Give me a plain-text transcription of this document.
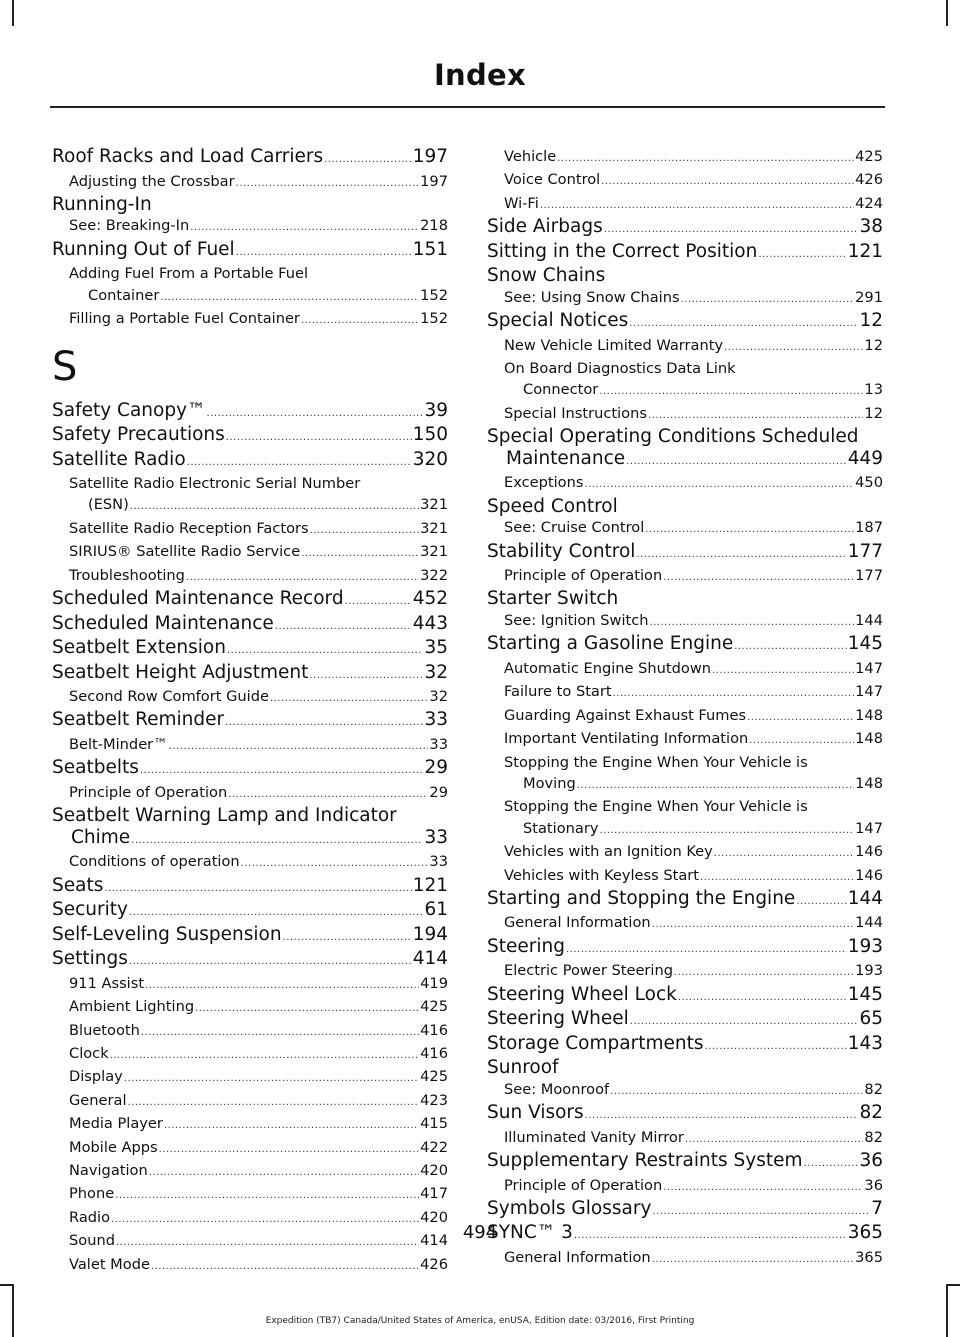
Index
Roof Racks and Load Carriers .....	197
Adjusting the Crossbar .....	197
Running-In
See: Breaking-In .....	218
Running Out of Fuel .....	151
Adding Fuel From a Portable Fuel
Container .....	152
Filling a Portable Fuel Container .....	152
S
Safety Canopy™ .....	39
Safety Precautions .....	150
Satellite Radio .....	320
Satellite Radio Electronic Serial Number
(ESN) .....	321
Satellite Radio Reception Factors .....	321
SIRIUS® Satellite Radio Service .....	321
Troubleshooting .....	322
Scheduled Maintenance Record .....	452
Scheduled Maintenance .....	443
Seatbelt Extension .....	35
Seatbelt Height Adjustment .....	32
Second Row Comfort Guide .....	32
Seatbelt Reminder .....	33
Belt-Minder™ .....	33
Seatbelts .....	29
Principle of Operation .....	29
Seatbelt Warning Lamp and Indicator
Chime .....	33
Conditions of operation .....	33
Seats .....	121
Security .....	61
Self-Leveling Suspension .....	194
Settings .....	414
911 Assist .....	419
Ambient Lighting .....	425
Bluetooth .....	416
Clock .....	416
Display .....	425
General .....	423
Media Player .....	415
Mobile Apps .....	422
Navigation .....	420
Phone .....	417
Radio .....	420
Sound .....	414
Valet Mode .....	426
Vehicle .....	425
Voice Control .....	426
Wi-Fi .....	424
Side Airbags .....	38
Sitting in the Correct Position .....	121
Snow Chains
See: Using Snow Chains .....	291
Special Notices .....	12
New Vehicle Limited Warranty .....	12
On Board Diagnostics Data Link
Connector .....	13
Special Instructions .....	12
Special Operating Conditions Scheduled
Maintenance .....	449
Exceptions .....	450
Speed Control
See: Cruise Control .....	187
Stability Control .....	177
Principle of Operation .....	177
Starter Switch
See: Ignition Switch .....	144
Starting a Gasoline Engine .....	145
Automatic Engine Shutdown .....	147
Failure to Start .....	147
Guarding Against Exhaust Fumes .....	148
Important Ventilating Information .....	148
Stopping the Engine When Your Vehicle is
Moving .....	148
Stopping the Engine When Your Vehicle is
Stationary .....	147
Vehicles with an Ignition Key .....	146
Vehicles with Keyless Start .....	146
Starting and Stopping the Engine .....	144
General Information .....	144
Steering .....	193
Electric Power Steering .....	193
Steering Wheel Lock .....	145
Steering Wheel .....	65
Storage Compartments .....	143
Sunroof
See: Moonroof .....	82
Sun Visors .....	82
Illuminated Vanity Mirror .....	82
Supplementary Restraints System .....	36
Principle of Operation .....	36
Symbols Glossary .....	7
SYNC™ 3 .....	365
General Information .....	365
494
Expedition (TB7) Canada/United States of America, enUSA, Edition date: 03/2016, First Printing
